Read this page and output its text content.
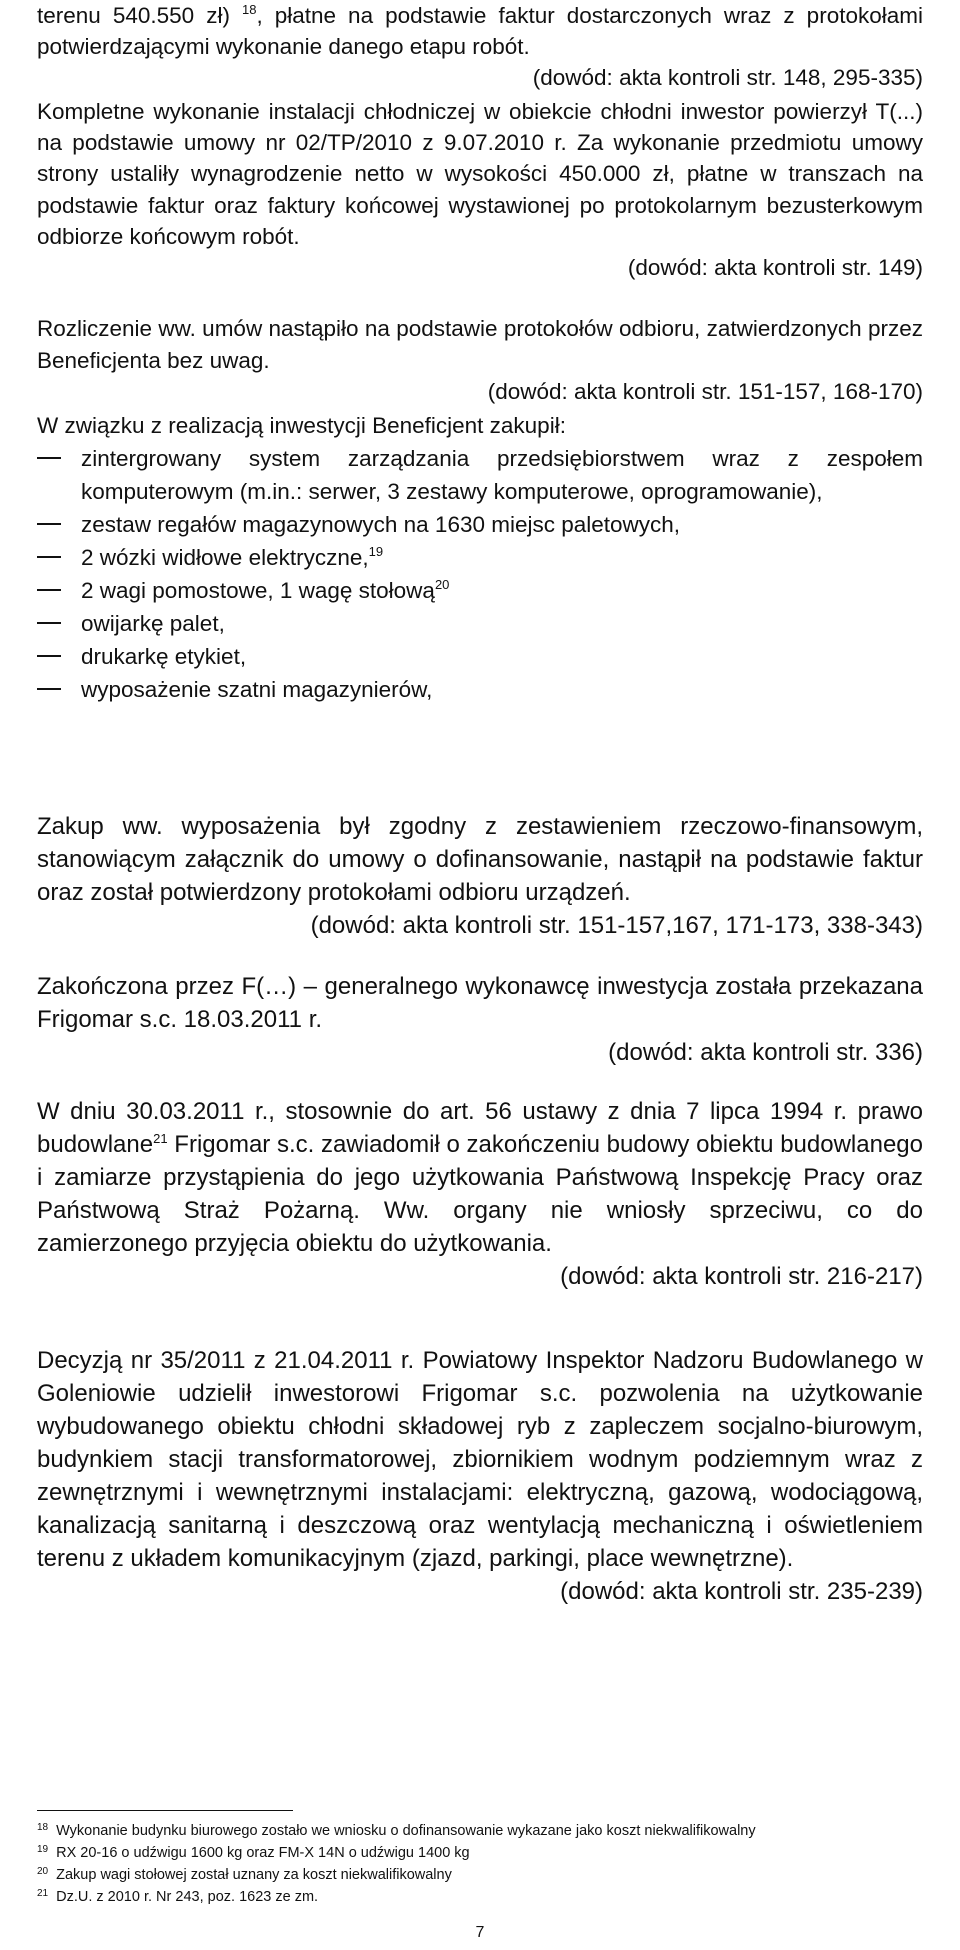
terenu 540.550 zł) $^{18}$, płatne na podstawie faktur dostarczonych wraz z protokołami

potwierdzającymi wykonanie danego etapu robót.

(dowód: akta kontroli str. 148, 295-335)

Kompletne wykonanie instalacji chłodniczej w obiekcie chłodni inwestor powierzył T(...) na podstawie umowy nr 02/TP/2010 z 9.07.2010 r. Za wykonanie przedmiotu umowy strony ustaliły wynagrodzenie netto w wysokości 450.000 zł, płatne w transzach na podstawie faktur oraz faktury końcowej wystawionej po protokolarnym bezusterkowym odbiorze końcowym robót.

(dowód: akta kontroli str. 149)

Rozliczenie ww. umów nastąpiło na podstawie protokołów odbioru, zatwierdzonych przez Beneficjenta bez uwag.

(dowód: akta kontroli str. 151-157, 168-170)

W związku z realizacją inwestycji Beneficjent zakupił:

zintergrowany system zarządzania przedsiębiorstwem wraz z zespołem komputerowym (m.in.: serwer, 3 zestawy komputerowe, oprogramowanie),
zestaw regałów magazynowych na 1630 miejsc paletowych,
2 wózki widłowe elektryczne,$^{19}$
2 wagi pomostowe, 1 wagę stołową$^{20}$
owijarkę palet,
drukarkę etykiet,
wyposażenie szatni magazynierów,

Zakup ww. wyposażenia był zgodny z zestawieniem rzeczowo-finansowym, stanowiącym załącznik do umowy o dofinansowanie, nastąpił na podstawie faktur oraz został potwierdzony protokołami odbioru urządzeń.

(dowód: akta kontroli str. 151-157,167, 171-173, 338-343)

Zakończona przez F(…) – generalnego wykonawcę inwestycja została przekazana Frigomar s.c. 18.03.2011 r.

(dowód: akta kontroli str. 336)

W dniu 30.03.2011 r., stosownie do art. 56 ustawy z dnia 7 lipca 1994 r. prawo budowlane$^{21}$ Frigomar s.c. zawiadomił o zakończeniu budowy obiektu budowlanego i zamiarze przystąpienia do jego użytkowania Państwową Inspekcję Pracy oraz Państwową Straż Pożarną. Ww. organy nie wniosły sprzeciwu, co do zamierzonego przyjęcia obiektu do użytkowania.

(dowód: akta kontroli str. 216-217)

Decyzją nr 35/2011 z 21.04.2011 r. Powiatowy Inspektor Nadzoru Budowlanego w Goleniowie udzielił inwestorowi Frigomar s.c. pozwolenia na użytkowanie wybudowanego obiektu chłodni składowej ryb z zapleczem socjalno-biurowym, budynkiem stacji transformatorowej, zbiornikiem wodnym podziemnym wraz z zewnętrznymi i wewnętrznymi instalacjami: elektryczną, gazową, wodociągową, kanalizacją sanitarną i deszczową oraz wentylacją mechaniczną i oświetleniem terenu z układem komunikacyjnym (zjazd, parkingi, place wewnętrzne).

(dowód: akta kontroli str. 235-239)

$^{18}$ Wykonanie budynku biurowego zostało we wniosku o dofinansowanie wykazane jako koszt niekwalifikowalny
$^{19}$ RX 20-16 o udźwigu 1600 kg oraz FM-X 14N o udźwigu 1400 kg
$^{20}$ Zakup wagi stołowej został uznany za koszt niekwalifikowalny
$^{21}$ Dz.U. z 2010 r. Nr 243, poz. 1623 ze zm.
7
